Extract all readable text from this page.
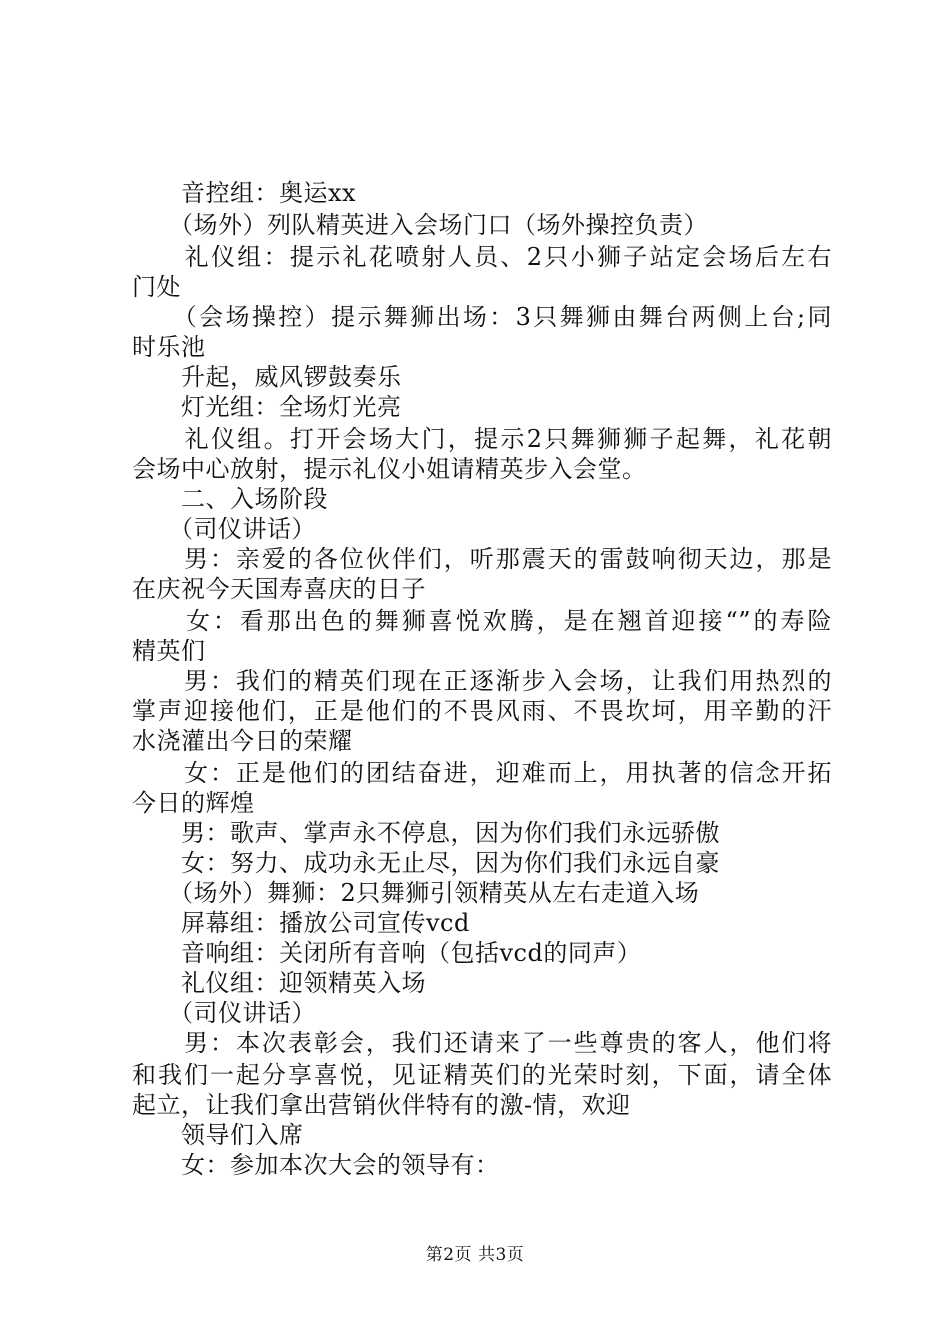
　　音控组：奥运xx
　　（场外）列队精英进入会场门口（场外操控负责）
　　礼仪组：提示礼花喷射人员、2只小狮子站定会场后左右
门处
　　（会场操控）提示舞狮出场：3只舞狮由舞台两侧上台;同
时乐池
　　升起，威风锣鼓奏乐
　　灯光组：全场灯光亮
　　礼仪组。打开会场大门，提示2只舞狮狮子起舞，礼花朝
会场中心放射，提示礼仪小姐请精英步入会堂。
　　二、入场阶段
　　（司仪讲话）
　　男：亲爱的各位伙伴们，听那震天的雷鼓响彻天边，那是
在庆祝今天国寿喜庆的日子
　　女：看那出色的舞狮喜悦欢腾，是在翘首迎接“”的寿险
精英们
　　男：我们的精英们现在正逐渐步入会场，让我们用热烈的
掌声迎接他们，正是他们的不畏风雨、不畏坎坷，用辛勤的汗
水浇灌出今日的荣耀
　　女：正是他们的团结奋进，迎难而上，用执著的信念开拓
今日的辉煌
　　男：歌声、掌声永不停息，因为你们我们永远骄傲
　　女：努力、成功永无止尽，因为你们我们永远自豪
　　（场外）舞狮：2只舞狮引领精英从左右走道入场
　　屏幕组：播放公司宣传vcd
　　音响组：关闭所有音响（包括vcd的同声）
　　礼仪组：迎领精英入场
　　（司仪讲话）
　　男：本次表彰会，我们还请来了一些尊贵的客人，他们将
和我们一起分享喜悦，见证精英们的光荣时刻，下面，请全体
起立，让我们拿出营销伙伴特有的激-情，欢迎
　　领导们入席
　　女：参加本次大会的领导有：
第2页 共3页
